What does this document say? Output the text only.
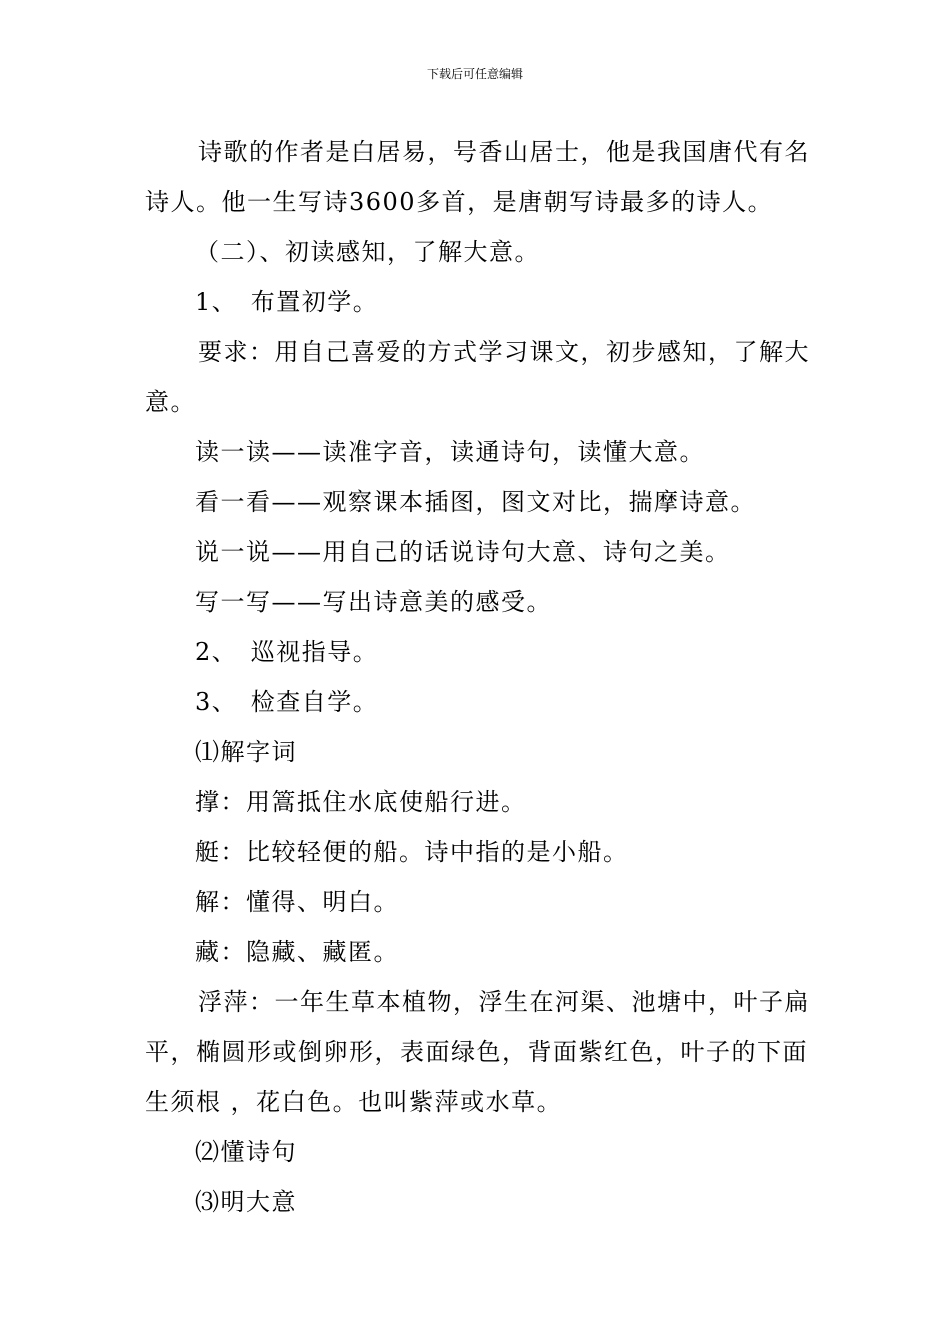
下载后可任意编辑

诗歌的作者是白居易，号香山居士，他是我国唐代有名诗人。他一生写诗3600多首，是唐朝写诗最多的诗人。

（二）、初读感知，了解大意。

1、　布置初学。

要求：用自己喜爱的方式学习课文，初步感知，了解大意。

读一读——读准字音，读通诗句，读懂大意。

看一看——观察课本插图，图文对比，揣摩诗意。

说一说——用自己的话说诗句大意、诗句之美。

写一写——写出诗意美的感受。

2、　巡视指导。

3、　检查自学。

⑴解字词

撑：用篙抵住水底使船行进。

艇：比较轻便的船。诗中指的是小船。

解：懂得、明白。

藏：隐藏、藏匿。

浮萍：一年生草本植物，浮生在河渠、池塘中，叶子扁平，椭圆形或倒卵形，表面绿色，背面紫红色，叶子的下面生须根 ，花白色。也叫紫萍或水草。

⑵懂诗句

⑶明大意
